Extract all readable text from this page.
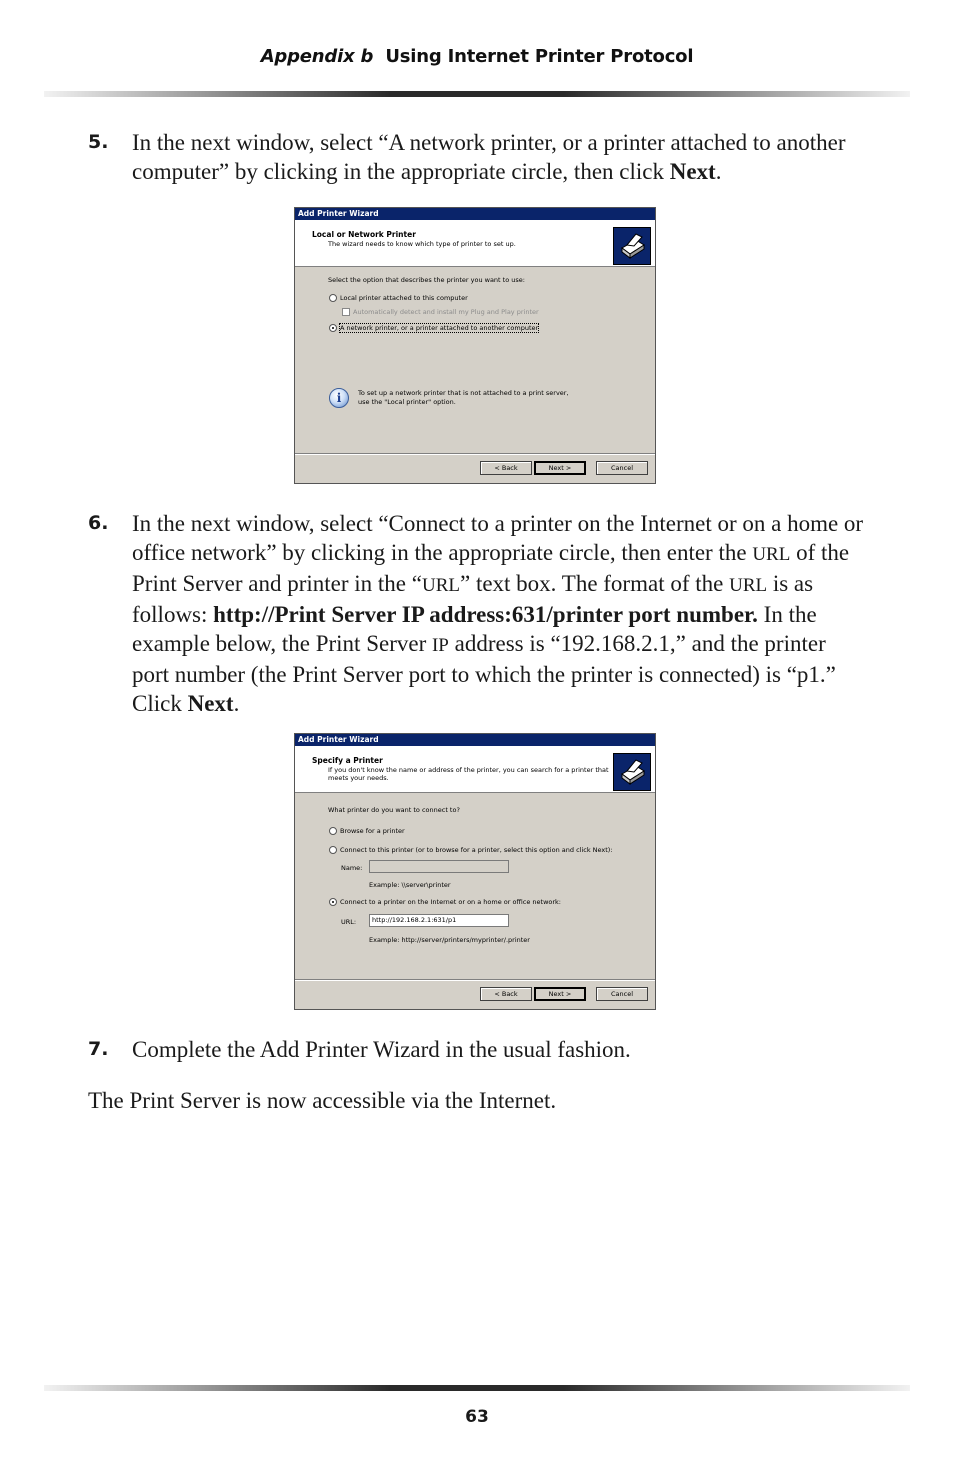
Appendix b Using Internet Printer Protocol
5. In the next window, select “A network printer, or a printer attached to another computer” by clicking in the appropriate circle, then click Next.

Add Printer Wizard
Local or Network Printer
The wizard needs to know which type of printer to set up.
Select the option that describes the printer you want to use:
Local printer attached to this computer
Automatically detect and install my Plug and Play printer
A network printer, or a printer attached to another computer
i	To set up a network printer that is not attached to a print server,
use the "Local printer" option.
< Back	Next >	Cancel
6. In the next window, select “Connect to a printer on the Internet or on a home or office network” by clicking in the appropriate circle, then enter the URL of the Print Server and printer in the “URL” text box. The format of the URL is as follows: http://Print Server IP address:631/printer port number. In the example below, the Print Server IP address is “192.168.2.1,” and the printer port number (the Print Server port to which the printer is connected) is “p1.” Click Next.

Add Printer Wizard
Specify a Printer
If you don't know the name or address of the printer, you can search for a printer that meets your needs.
What printer do you want to connect to?
Browse for a printer
Connect to this printer (or to browse for a printer, select this option and click Next):
Name:
Example: \\server\printer
Connect to a printer on the Internet or on a home or office network:
URL:	http://192.168.2.1:631/p1
Example: http://server/printers/myprinter/.printer
< Back	Next >	Cancel
7. Complete the Add Printer Wizard in the usual fashion.

The Print Server is now accessible via the Internet.
63
